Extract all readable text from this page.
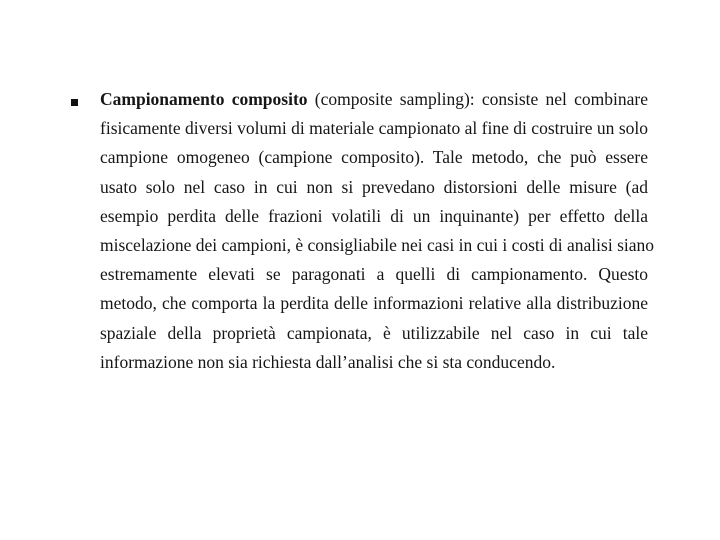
Campionamento composito (composite sampling): consiste nel combinare
fisicamente diversi volumi di materiale campionato al fine di costruire un solo
campione omogeneo (campione composito). Tale metodo, che può essere
usato solo nel caso in cui non si prevedano distorsioni delle misure (ad
esempio perdita delle frazioni volatili di un inquinante) per effetto della
miscelazione dei campioni, è consigliabile nei casi in cui i costi di analisi siano
estremamente elevati se paragonati a quelli di campionamento. Questo
metodo, che comporta la perdita delle informazioni relative alla distribuzione
spaziale della proprietà campionata, è utilizzabile nel caso in cui tale
informazione non sia richiesta dall’analisi che si sta conducendo.
